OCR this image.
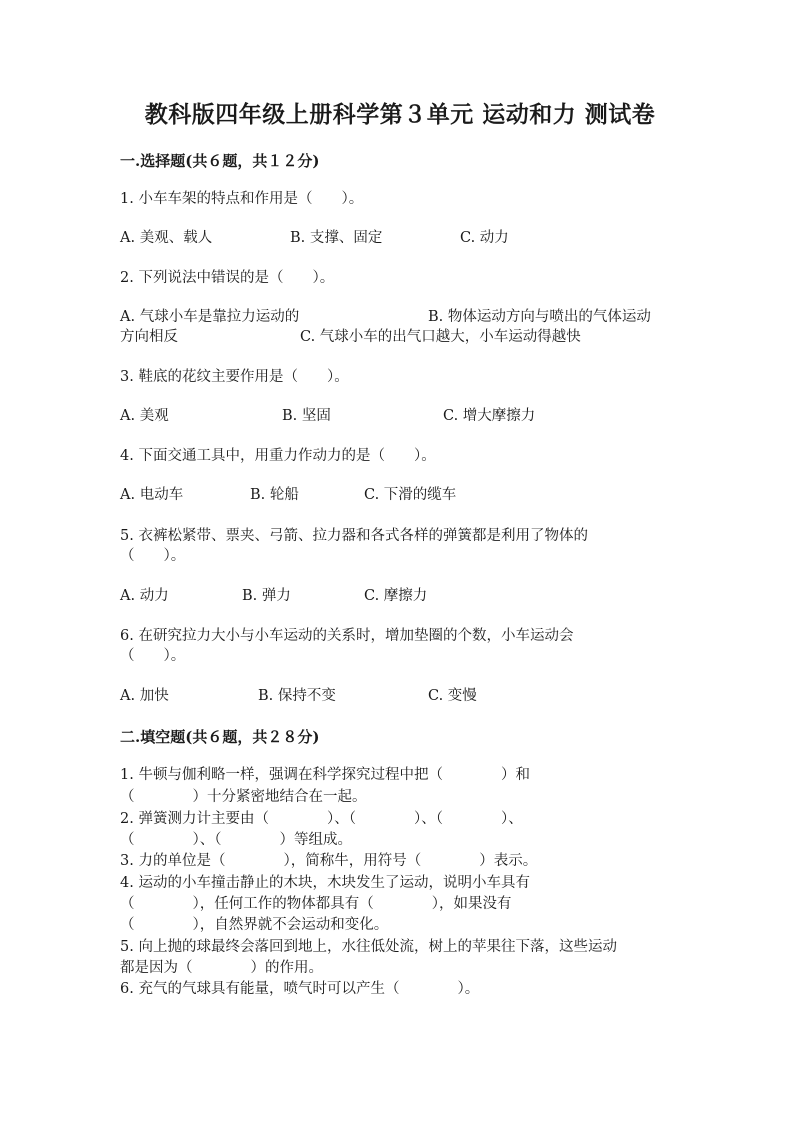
教科版四年级上册科学第３单元 运动和力 测试卷
一.选择题(共６题，共１２分)
1. 小车车架的特点和作用是（　　）。
A. 美观、载人	B. 支撑、固定	C. 动力
2. 下列说法中错误的是（　　）。
A. 气球小车是靠拉力运动的	B. 物体运动方向与喷出的气体运动
方向相反	C. 气球小车的出气口越大，小车运动得越快
3. 鞋底的花纹主要作用是（　　）。
A. 美观	B. 坚固	C. 增大摩擦力
4. 下面交通工具中，用重力作动力的是（　　）。
A. 电动车	B. 轮船	C. 下滑的缆车
5. 衣裤松紧带、票夹、弓箭、拉力器和各式各样的弹簧都是利用了物体的
（　　）。
A. 动力	B. 弹力	C. 摩擦力
6. 在研究拉力大小与小车运动的关系时，增加垫圈的个数，小车运动会
（　　）。
A. 加快	B. 保持不变	C. 变慢
二.填空题(共６题，共２８分)
1. 牛顿与伽利略一样，强调在科学探究过程中把（　　　　）和
（　　　　）十分紧密地结合在一起。
2. 弹簧测力计主要由（　　　　）、（　　　　）、（　　　　）、
（　　　　）、（　　　　）等组成。
3. 力的单位是（　　　　），简称牛，用符号（　　　　）表示。
4. 运动的小车撞击静止的木块，木块发生了运动，说明小车具有
（　　　　），任何工作的物体都具有（　　　　），如果没有
（　　　　），自然界就不会运动和变化。
5. 向上抛的球最终会落回到地上，水往低处流，树上的苹果往下落，这些运动
都是因为（　　　　）的作用。
6. 充气的气球具有能量，喷气时可以产生（　　　　）。
